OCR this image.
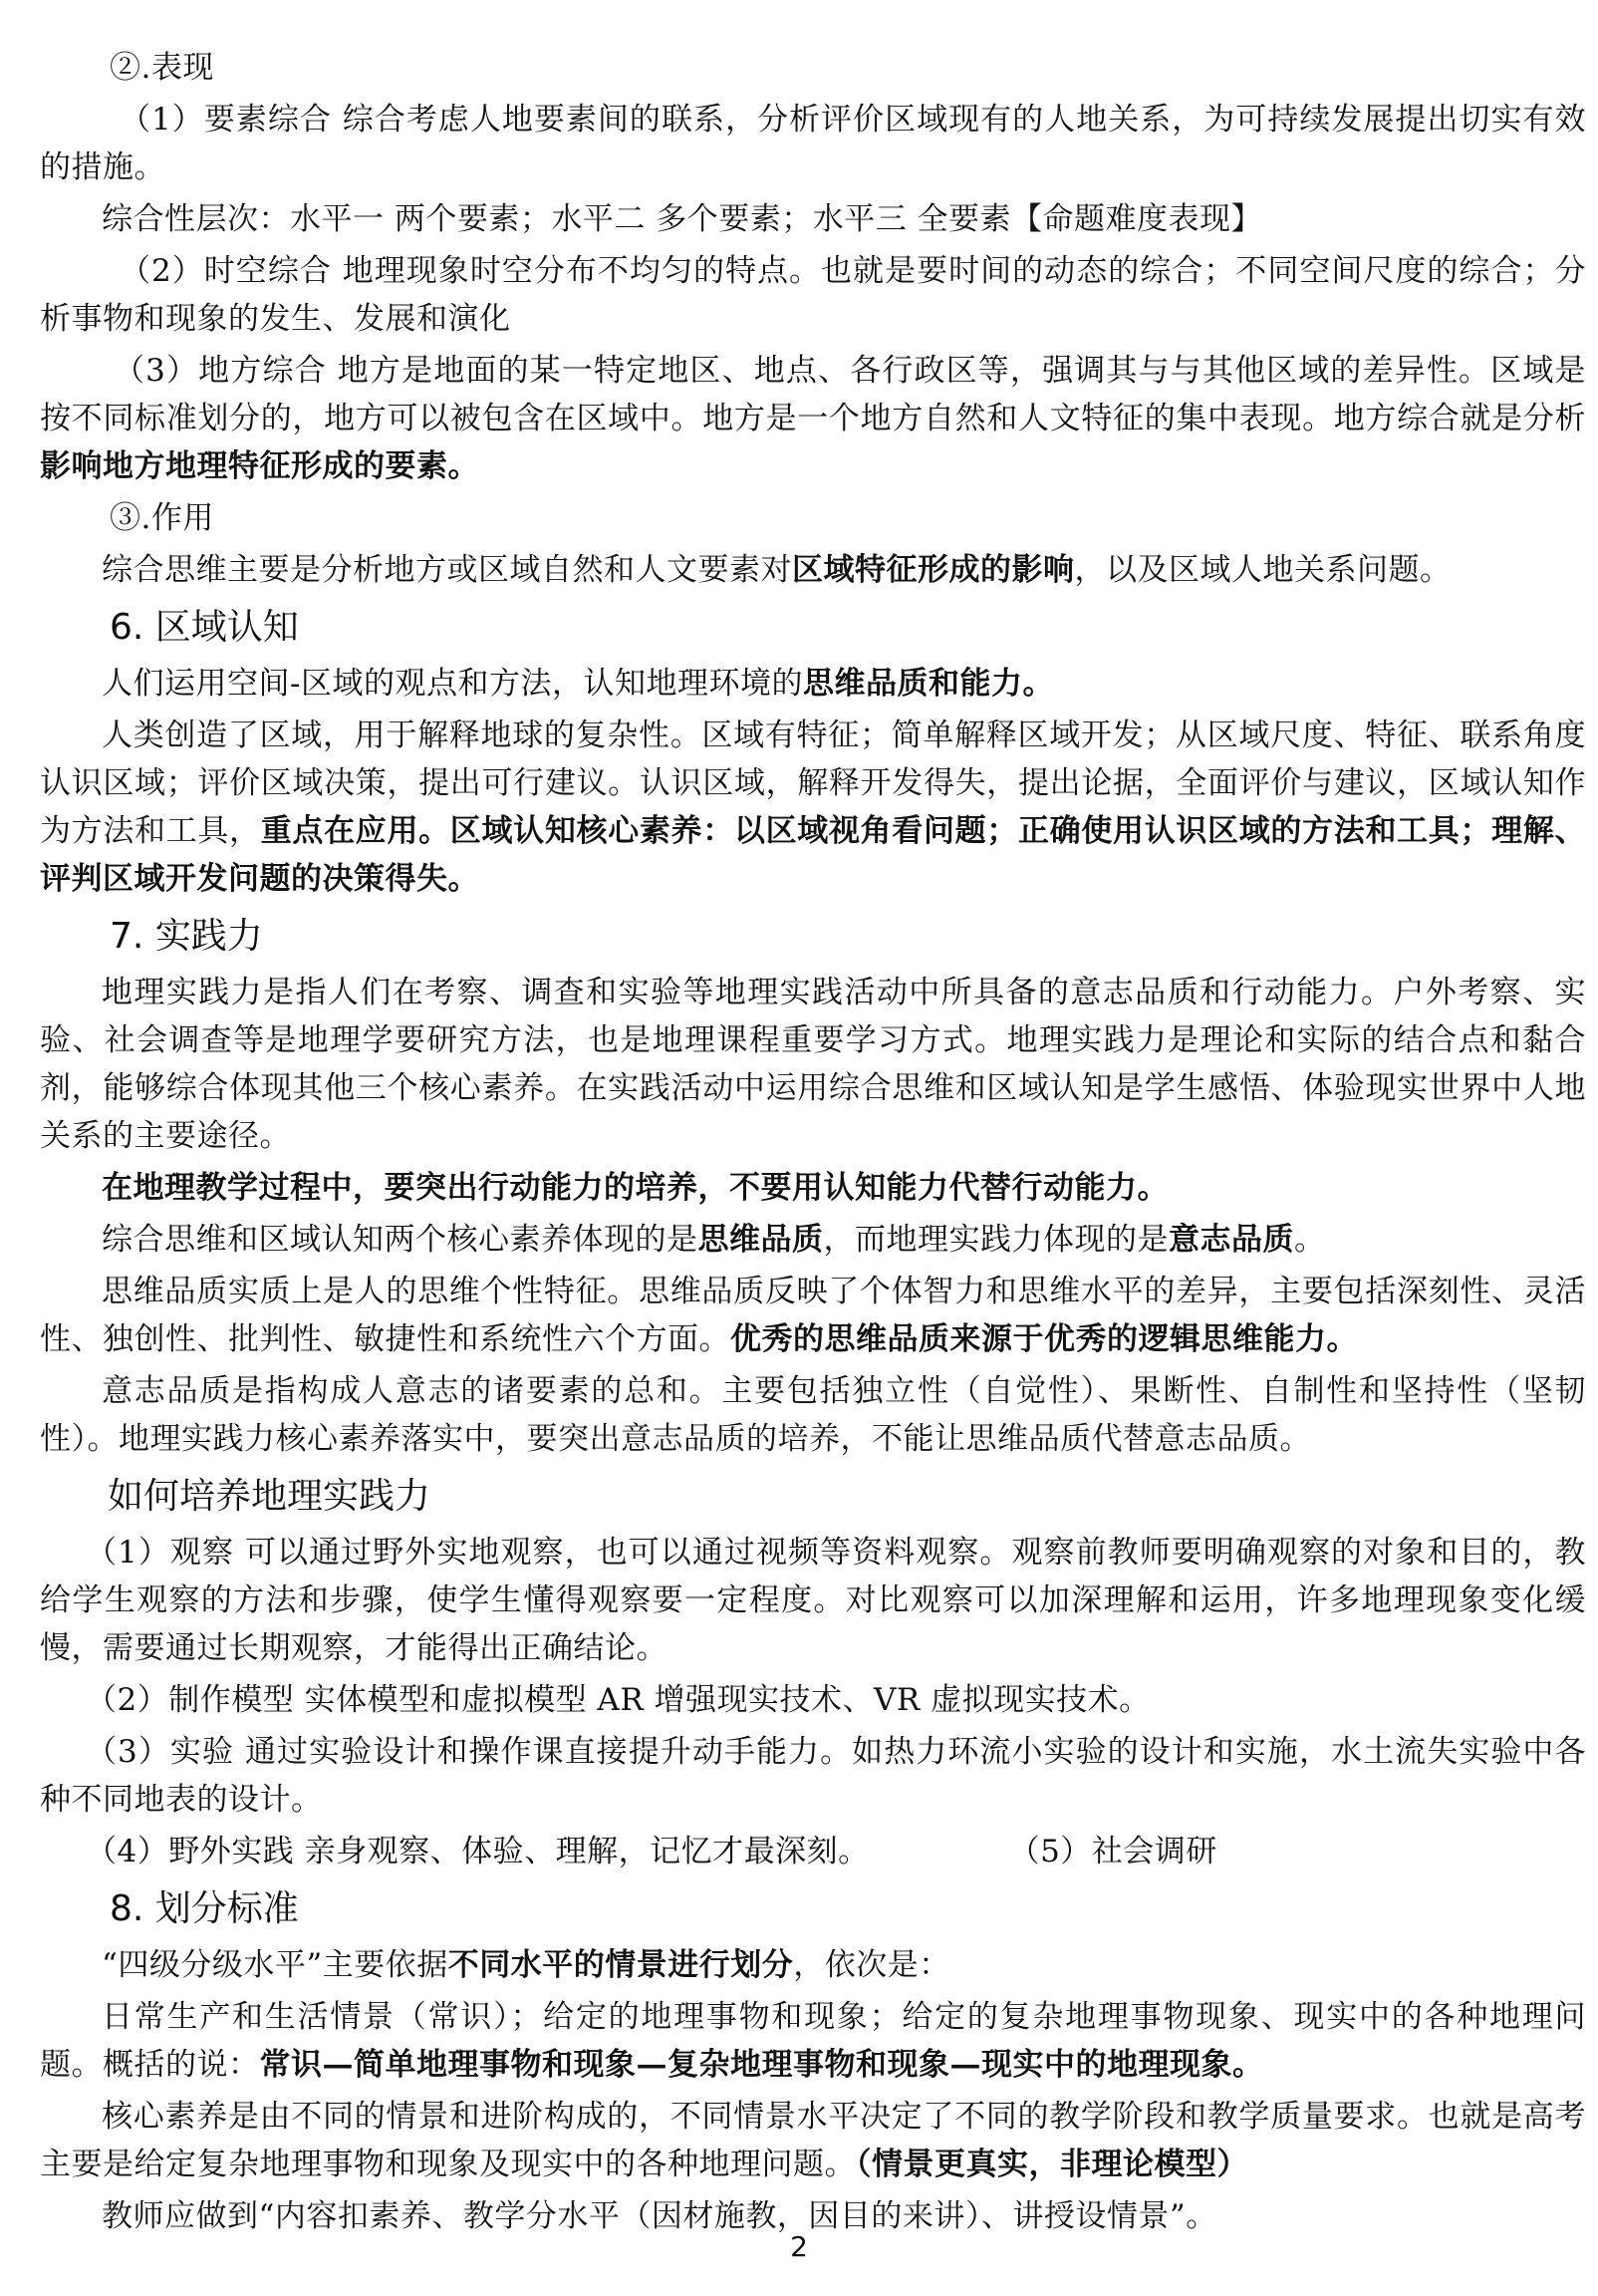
②.表现

（1）要素综合 综合考虑人地要素间的联系，分析评价区域现有的人地关系，为可持续发展提出切实有效的措施。

综合性层次：水平一 两个要素；水平二 多个要素；水平三 全要素【命题难度表现】

（2）时空综合 地理现象时空分布不均匀的特点。也就是要时间的动态的综合；不同空间尺度的综合；分析事物和现象的发生、发展和演化

（3）地方综合 地方是地面的某一特定地区、地点、各行政区等，强调其与与其他区域的差异性。区域是按不同标准划分的，地方可以被包含在区域中。地方是一个地方自然和人文特征的集中表现。地方综合就是分析影响地方地理特征形成的要素。

③.作用

综合思维主要是分析地方或区域自然和人文要素对区域特征形成的影响，以及区域人地关系问题。

6. 区域认知

人们运用空间-区域的观点和方法，认知地理环境的思维品质和能力。

人类创造了区域，用于解释地球的复杂性。区域有特征；简单解释区域开发；从区域尺度、特征、联系角度认识区域；评价区域决策，提出可行建议。认识区域，解释开发得失，提出论据，全面评价与建议，区域认知作为方法和工具，重点在应用。区域认知核心素养：以区域视角看问题；正确使用认识区域的方法和工具；理解、评判区域开发问题的决策得失。

7. 实践力

地理实践力是指人们在考察、调查和实验等地理实践活动中所具备的意志品质和行动能力。户外考察、实验、社会调查等是地理学要研究方法，也是地理课程重要学习方式。地理实践力是理论和实际的结合点和黏合剂，能够综合体现其他三个核心素养。在实践活动中运用综合思维和区域认知是学生感悟、体验现实世界中人地关系的主要途径。

在地理教学过程中，要突出行动能力的培养，不要用认知能力代替行动能力。

综合思维和区域认知两个核心素养体现的是思维品质，而地理实践力体现的是意志品质。

思维品质实质上是人的思维个性特征。思维品质反映了个体智力和思维水平的差异，主要包括深刻性、灵活性、独创性、批判性、敏捷性和系统性六个方面。优秀的思维品质来源于优秀的逻辑思维能力。

意志品质是指构成人意志的诸要素的总和。主要包括独立性（自觉性）、果断性、自制性和坚持性（坚韧性）。地理实践力核心素养落实中，要突出意志品质的培养，不能让思维品质代替意志品质。

如何培养地理实践力

（1）观察 可以通过野外实地观察，也可以通过视频等资料观察。观察前教师要明确观察的对象和目的，教给学生观察的方法和步骤，使学生懂得观察要一定程度。对比观察可以加深理解和运用，许多地理现象变化缓慢，需要通过长期观察，才能得出正确结论。

（2）制作模型 实体模型和虚拟模型 AR 增强现实技术、VR 虚拟现实技术。

（3）实验 通过实验设计和操作课直接提升动手能力。如热力环流小实验的设计和实施，水土流失实验中各种不同地表的设计。

（4）野外实践 亲身观察、体验、理解，记忆才最深刻。	（5）社会调研

8. 划分标准

“四级分级水平”主要依据不同水平的情景进行划分，依次是：

日常生产和生活情景（常识）；给定的地理事物和现象；给定的复杂地理事物现象、现实中的各种地理问题。概括的说：常识—简单地理事物和现象—复杂地理事物和现象—现实中的地理现象。

核心素养是由不同的情景和进阶构成的，不同情景水平决定了不同的教学阶段和教学质量要求。也就是高考主要是给定复杂地理事物和现象及现实中的各种地理问题。（情景更真实，非理论模型）

教师应做到“内容扣素养、教学分水平（因材施教，因目的来讲）、讲授设情景”。

2
